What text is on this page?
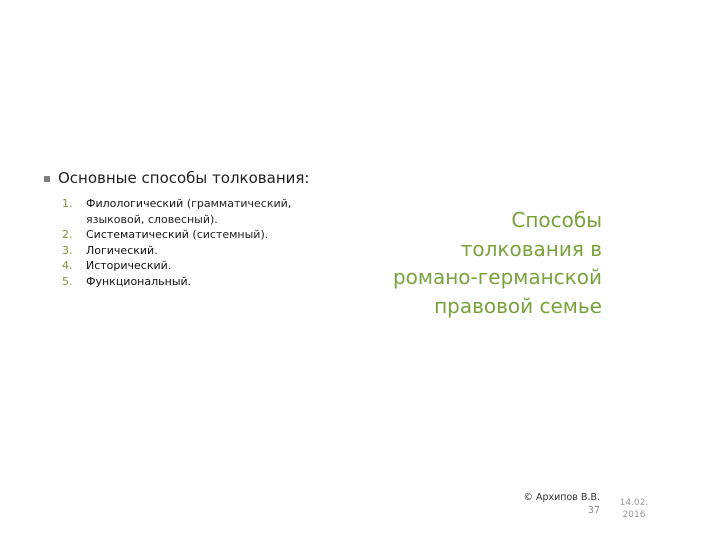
Основные способы толкования:
1.	Филологический (грамматический, языковой, словесный).
2.	Систематический (системный).
3.	Логический.
4.	Исторический.
5.	Функциональный.
Способы
толкования в
романо-германской
правовой семье
© Архипов В.В.
37
14.02.
2016
